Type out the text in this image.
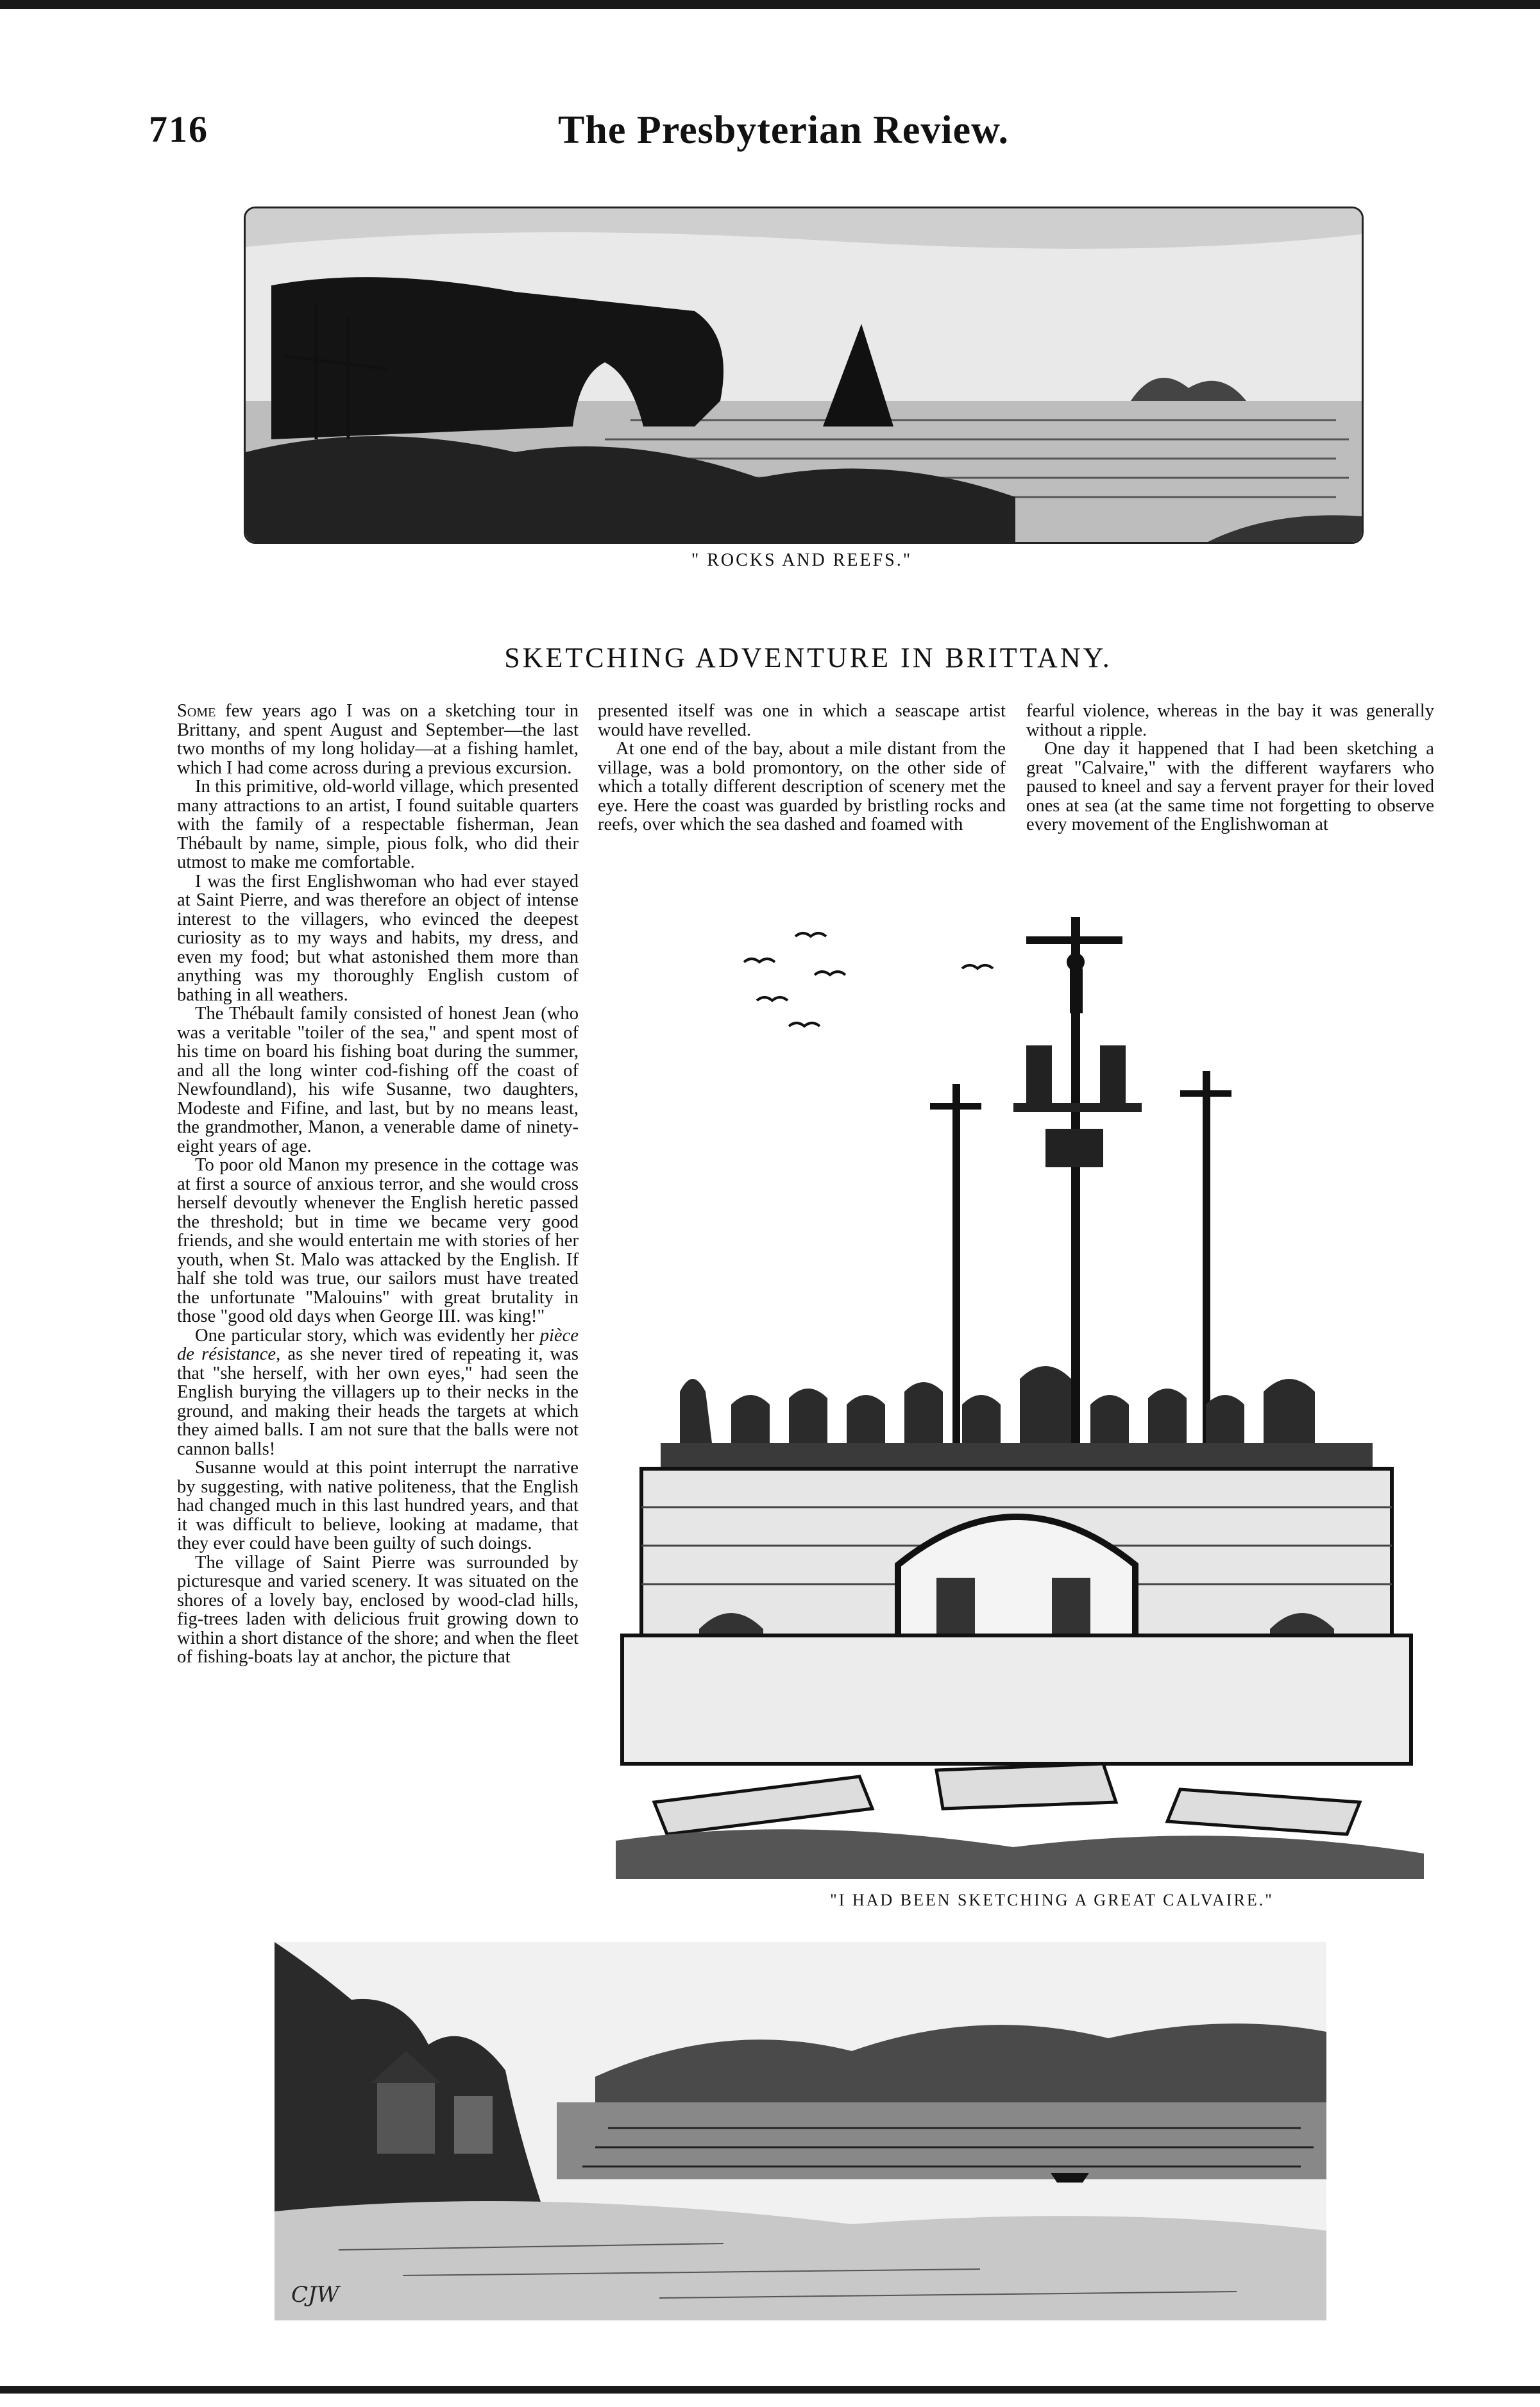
716	The Presbyterian Review.
" ROCKS AND REEFS."
SKETCHING ADVENTURE IN BRITTANY.

Some few years ago I was on a sketching tour in Brittany, and spent August and September—the last two months of my long holiday—at a fishing hamlet, which I had come across during a previous excursion.

In this primitive, old-world village, which presented many attractions to an artist, I found suitable quarters with the family of a respectable fisherman, Jean Thébault by name, simple, pious folk, who did their utmost to make me comfortable.

I was the first Englishwoman who had ever stayed at Saint Pierre, and was therefore an object of intense interest to the villagers, who evinced the deepest curiosity as to my ways and habits, my dress, and even my food; but what astonished them more than anything was my thoroughly English custom of bathing in all weathers.

The Thébault family consisted of honest Jean (who was a veritable "toiler of the sea," and spent most of his time on board his fishing boat during the summer, and all the long winter cod-fishing off the coast of Newfoundland), his wife Susanne, two daughters, Modeste and Fifine, and last, but by no means least, the grandmother, Manon, a venerable dame of ninety-eight years of age.

To poor old Manon my presence in the cottage was at first a source of anxious terror, and she would cross herself devoutly whenever the English heretic passed the threshold; but in time we became very good friends, and she would entertain me with stories of her youth, when St. Malo was attacked by the English. If half she told was true, our sailors must have treated the unfortunate "Malouins" with great brutality in those "good old days when George III. was king!"

One particular story, which was evidently her pièce de résistance, as she never tired of repeating it, was that "she herself, with her own eyes," had seen the English burying the villagers up to their necks in the ground, and making their heads the targets at which they aimed balls. I am not sure that the balls were not cannon balls!

Susanne would at this point interrupt the narrative by suggesting, with native politeness, that the English had changed much in this last hundred years, and that it was difficult to believe, looking at madame, that they ever could have been guilty of such doings.

The village of Saint Pierre was surrounded by picturesque and varied scenery. It was situated on the shores of a lovely bay, enclosed by wood-clad hills, fig-trees laden with delicious fruit growing down to within a short distance of the shore; and when the fleet of fishing-boats lay at anchor, the picture that

presented itself was one in which a seascape artist would have revelled.

At one end of the bay, about a mile distant from the village, was a bold promontory, on the other side of which a totally different description of scenery met the eye. Here the coast was guarded by bristling rocks and reefs, over which the sea dashed and foamed with

fearful violence, whereas in the bay it was generally without a ripple.

One day it happened that I had been sketching a great "Calvaire," with the different wayfarers who paused to kneel and say a fervent prayer for their loved ones at sea (at the same time not forgetting to observe every movement of the Englishwoman at

"I HAD BEEN SKETCHING A GREAT CALVAIRE."
CJW
